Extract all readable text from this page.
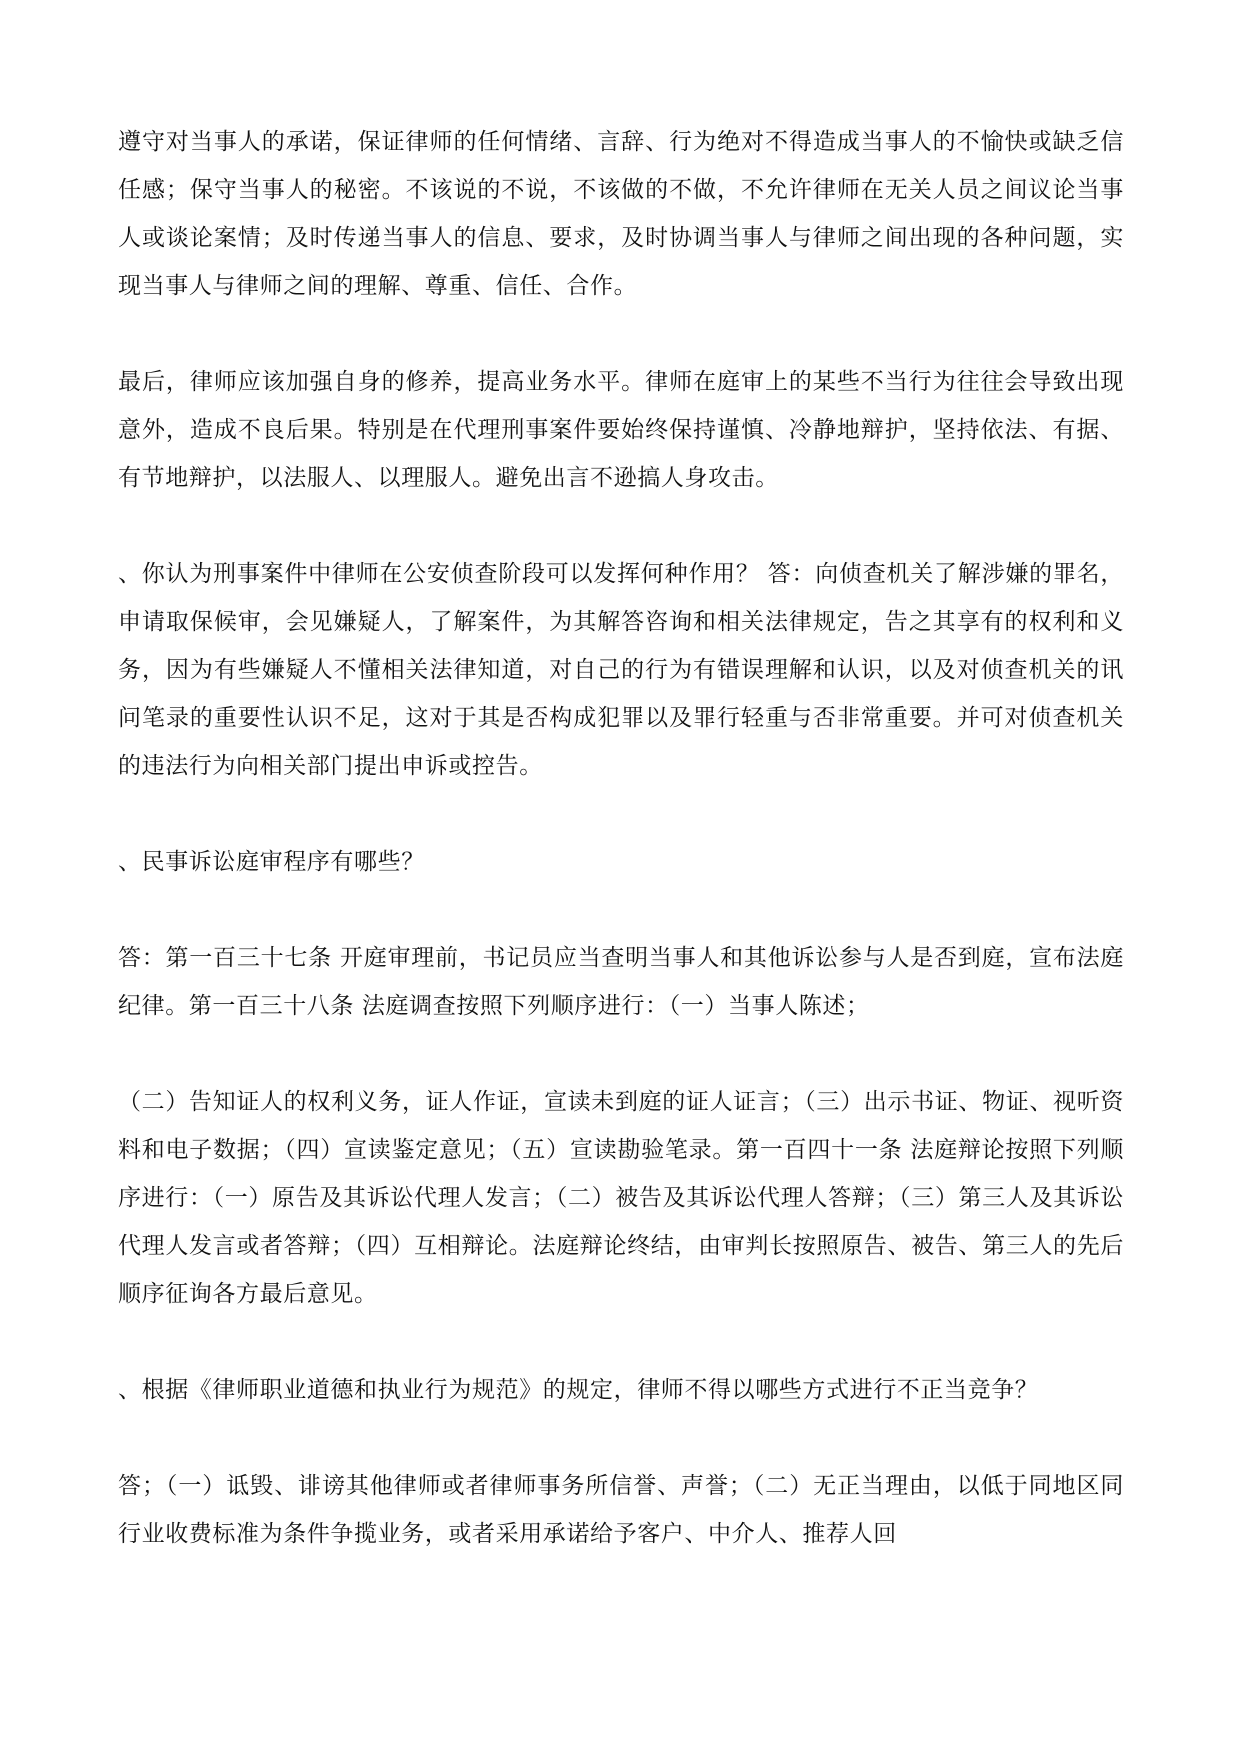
遵守对当事人的承诺，保证律师的任何情绪、言辞、行为绝对不得造成当事人的不愉快或缺乏信任感；保守当事人的秘密。不该说的不说，不该做的不做，不允许律师在无关人员之间议论当事人或谈论案情；及时传递当事人的信息、要求，及时协调当事人与律师之间出现的各种问题，实现当事人与律师之间的理解、尊重、信任、合作。

最后，律师应该加强自身的修养，提高业务水平。律师在庭审上的某些不当行为往往会导致出现意外，造成不良后果。特别是在代理刑事案件要始终保持谨慎、冷静地辩护，坚持依法、有据、有节地辩护，以法服人、以理服人。避免出言不逊搞人身攻击。

、你认为刑事案件中律师在公安侦查阶段可以发挥何种作用？ 答：向侦查机关了解涉嫌的罪名，申请取保候审，会见嫌疑人，了解案件，为其解答咨询和相关法律规定，告之其享有的权利和义务，因为有些嫌疑人不懂相关法律知道，对自己的行为有错误理解和认识，以及对侦查机关的讯问笔录的重要性认识不足，这对于其是否构成犯罪以及罪行轻重与否非常重要。并可对侦查机关的违法行为向相关部门提出申诉或控告。

、民事诉讼庭审程序有哪些？

答：第一百三十七条 开庭审理前，书记员应当查明当事人和其他诉讼参与人是否到庭，宣布法庭纪律。第一百三十八条 法庭调查按照下列顺序进行：（一）当事人陈述；

（二）告知证人的权利义务，证人作证，宣读未到庭的证人证言；（三）出示书证、物证、视听资料和电子数据；（四）宣读鉴定意见；（五）宣读勘验笔录。第一百四十一条 法庭辩论按照下列顺序进行：（一）原告及其诉讼代理人发言；（二）被告及其诉讼代理人答辩；（三）第三人及其诉讼代理人发言或者答辩；（四）互相辩论。法庭辩论终结，由审判长按照原告、被告、第三人的先后顺序征询各方最后意见。

、根据《律师职业道德和执业行为规范》的规定，律师不得以哪些方式进行不正当竞争？

答；（一）诋毁、诽谤其他律师或者律师事务所信誉、声誉；（二）无正当理由，以低于同地区同行业收费标准为条件争揽业务，或者采用承诺给予客户、中介人、推荐人回
